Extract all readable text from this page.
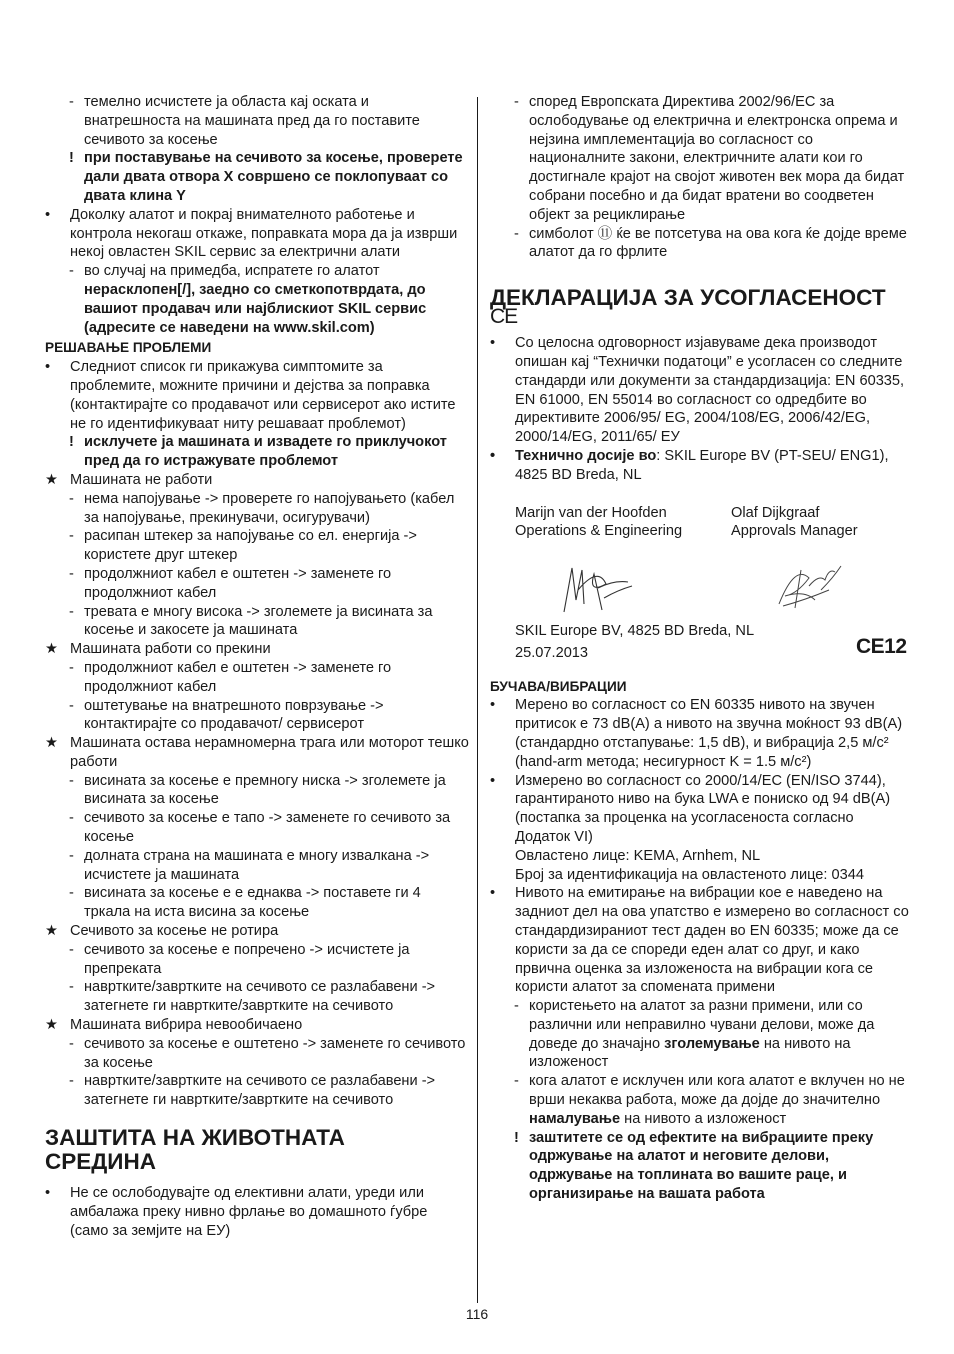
- темелно исчистете ја областа кај оската и внатрешноста на машината пред да го поставите сечивото за косење
! при поставување на сечивото за косење, проверете дали двата отвора X совршено се поклопуваат со двата клина Y
• Доколку алатот и покрај внимателното работење и контрола некогаш откаже, поправката мора да ја изврши некој овластен SKIL сервис за електрични алати
- во случај на примедба, испратете го алатот
нерасклопен[/], заедно со сметкопотврдата, до вашиот продавач или најблискиот SKIL сервис (адресите се наведени на www.skil.com)
РЕШАВАЊЕ ПРОБЛЕМИ
• Следниот список ги прикажува симптомите за проблемите, можните причини и дејства за поправка (контактирајте со продавачот или сервисерот ако истите не го идентификуваат ниту решаваат проблемот)
! исклучете ја машината и извадете го приклучокот пред да го истражувате проблемот
★ Машината не работи
- нема напојување -> проверете го напојувањето (кабел за напојување, прекинувачи, осигурувачи)
- расипан штекер за напојување со ел. енергија -> користете друг штекер
- продолжниот кабел е оштетен -> заменете го продолжниот кабел
- тревата е многу висока -> зголемете ја висината за косење и закосете ја машината
★ Машината работи со прекини
- продолжниот кабел е оштетен -> заменете го продолжниот кабел
- оштетување на внатрешното поврзување -> контактирајте со продавачот/ сервисерот
★ Машината остава нерамномерна трага или моторот тешко работи
- висината за косење е премногу ниска -> зголемете ја висината за косење
- сечивото за косење е тапо -> заменете го сечивото за косење
- долната страна на машината е многу извалкана -> исчистете ја машината
- висината за косење е е еднаква -> поставете ги 4 тркала на иста висина за косење
★ Сечивото за косење не ротира
- сечивото за косење е попречено -> исчистете ја препреката
- навртките/завртките на сечивото се разлабавени -> затегнете ги навртките/завртките на сечивото
★ Машината вибрира невообичаено
- сечивото за косење е оштетено -> заменете го сечивото за косење
- навртките/завртките на сечивото се разлабавени -> затегнете ги навртките/завртките на сечивото
ЗАШТИТА НА ЖИВОТНАТА СРЕДИНА
• Не се ослободувајте од елективни алати, уреди или амбалажа преку нивно фрлање во домашното ѓубре (само за земјите на ЕУ)
- според Европската Директива 2002/96/EC за ослободување од електрична и електронска опрема и нејзина имплементација во согласност со националните закони, електричните алати кои го достигнале крајот на својот животен век мора да бидат собрани посебно и да бидат вратени во соодветен објект за рециклирање
- симболот ⑪ ќе ве потсетува на ова кога ќе дојде време алатот да го фрлите
ДЕКЛАРАЦИЈА ЗА УСОГЛАСЕНОСТ
CE
• Со целосна одговорност изјавуваме дека производот опишан кај “Технички податоци” е усогласен со следните стандарди или документи за стандардизација: EN 60335, EN 61000, EN 55014 во согласност со одредбите во директивите 2006/95/ EG, 2004/108/EG, 2006/42/EG, 2000/14/EG, 2011/65/ EУ
• Технично досије во: SKIL Europe BV (PT-SEU/ ENG1), 4825 BD Breda, NL
Marijn van der Hoofden
Operations & Engineering
Olaf Dijkgraaf
Approvals Manager
SKIL Europe BV, 4825 BD Breda, NL
25.07.2013	CE12
БУЧАВА/ВИБРАЦИИ
• Мерено во согласност со EN 60335 нивото на звучен притисок е 73 dB(A) а нивото на звучна моќност 93 dB(A) (стандардно отстапување: 1,5 dB), и вибрација 2,5 м/с² (hand-arm метода; несигурност K = 1.5 м/с²)
• Измерено во согласност со 2000/14/EC (EN/ISO 3744), гарантираното ниво на бука LWA е пониско од 94 dB(A) (постапка за проценка на усогласеноста согласно Додаток VI)
Овластено лице: KEMA, Arnhem, NL
Број за идентификација на овластеното лице: 0344
• Нивото на емитирање на вибрации кое е наведено на задниот дел на ова упатство е измерено во согласност со стандардизираниот тест даден во EN 60335; може да се користи за да се спореди еден алат со друг, и како првична оценка за изложеноста на вибрации кога се користи алатот за спомената примени
- користењето на алатот за разни примени, или со различни или неправилно чувани делови, може да доведе до значајно зголемување на нивото на изложеност
- кога алатот е исклучен или кога алатот е вклучен но не врши некаква работа, може да дојде до значително намалување на нивото а изложеност
! заштитете се од ефектите на вибрациите преку одржување на алатот и неговите делови, одржување на топлината во вашите раце, и организирање на вашата работа
116
